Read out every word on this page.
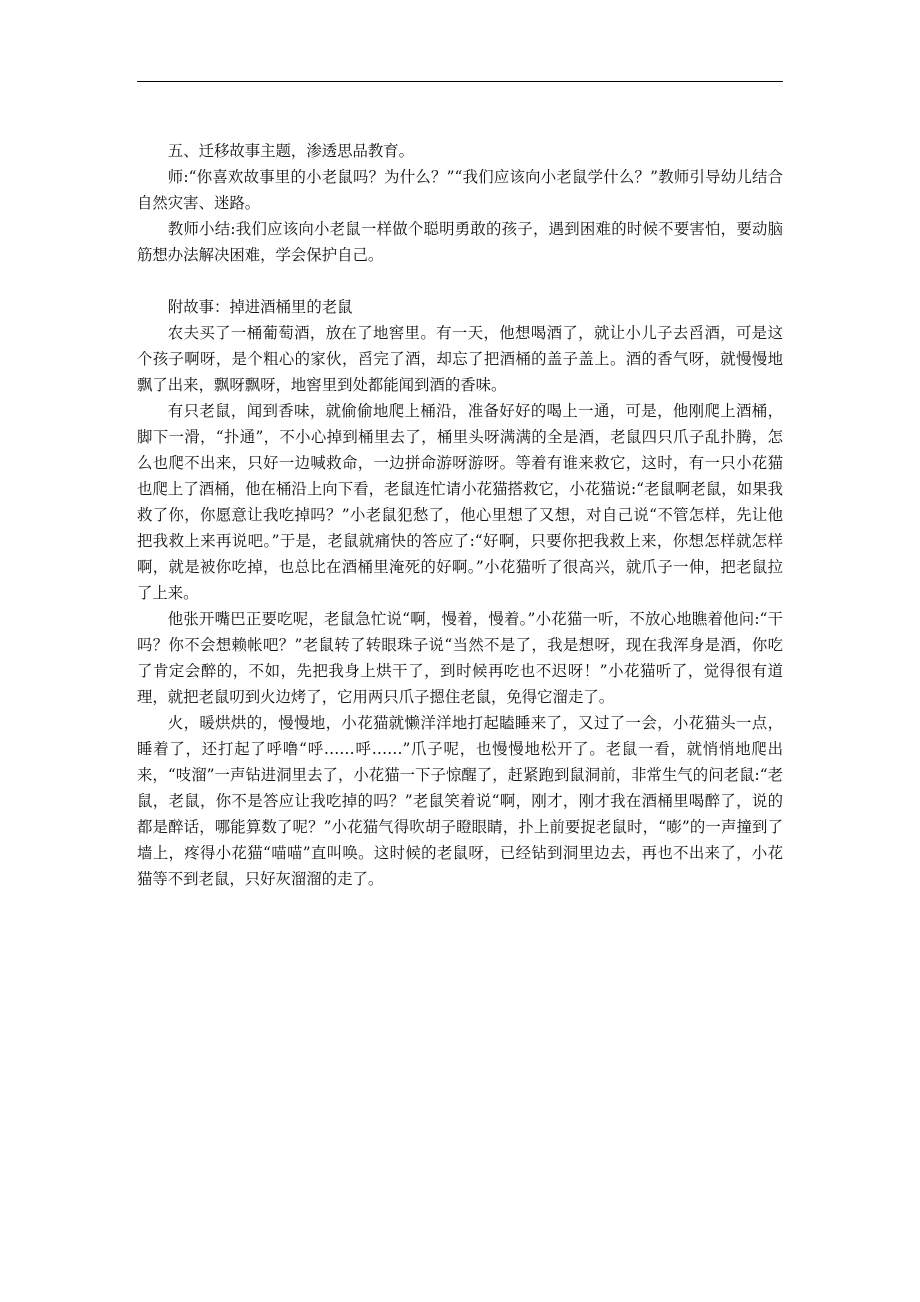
五、迁移故事主题，渗透思品教育。

师:“你喜欢故事里的小老鼠吗？为什么？”“我们应该向小老鼠学什么？”教师引导幼儿结合自然灾害、迷路。

教师小结:我们应该向小老鼠一样做个聪明勇敢的孩子，遇到困难的时候不要害怕，要动脑筋想办法解决困难，学会保护自己。

附故事：掉进酒桶里的老鼠

农夫买了一桶葡萄酒，放在了地窖里。有一天，他想喝酒了，就让小儿子去舀酒，可是这个孩子啊呀，是个粗心的家伙，舀完了酒，却忘了把酒桶的盖子盖上。酒的香气呀，就慢慢地飘了出来，飘呀飘呀，地窖里到处都能闻到酒的香味。

有只老鼠，闻到香味，就偷偷地爬上桶沿，准备好好的喝上一通，可是，他刚爬上酒桶，脚下一滑，“扑通”，不小心掉到桶里去了，桶里头呀满满的全是酒，老鼠四只爪子乱扑腾，怎么也爬不出来，只好一边喊救命，一边拼命游呀游呀。等着有谁来救它，这时，有一只小花猫也爬上了酒桶，他在桶沿上向下看，老鼠连忙请小花猫搭救它，小花猫说:“老鼠啊老鼠，如果我救了你，你愿意让我吃掉吗？”小老鼠犯愁了，他心里想了又想，对自己说“不管怎样，先让他把我救上来再说吧。”于是，老鼠就痛快的答应了:“好啊，只要你把我救上来，你想怎样就怎样啊，就是被你吃掉，也总比在酒桶里淹死的好啊。”小花猫听了很高兴，就爪子一伸，把老鼠拉了上来。

他张开嘴巴正要吃呢，老鼠急忙说“啊，慢着，慢着。”小花猫一听，不放心地瞧着他问:“干吗？你不会想赖帐吧？”老鼠转了转眼珠子说“当然不是了，我是想呀，现在我浑身是酒，你吃了肯定会醉的，不如，先把我身上烘干了，到时候再吃也不迟呀！”小花猫听了，觉得很有道理，就把老鼠叨到火边烤了，它用两只爪子摁住老鼠，免得它溜走了。

火，暖烘烘的，慢慢地，小花猫就懒洋洋地打起瞌睡来了，又过了一会，小花猫头一点，睡着了，还打起了呼噜“呼……呼……”爪子呢，也慢慢地松开了。老鼠一看，就悄悄地爬出来，“吱溜”一声钻进洞里去了，小花猫一下子惊醒了，赶紧跑到鼠洞前，非常生气的问老鼠:“老鼠，老鼠，你不是答应让我吃掉的吗？”老鼠笑着说“啊，刚才，刚才我在酒桶里喝醉了，说的都是醉话，哪能算数了呢？”小花猫气得吹胡子瞪眼睛，扑上前要捉老鼠时，“嘭”的一声撞到了墙上，疼得小花猫“喵喵”直叫唤。这时候的老鼠呀，已经钻到洞里边去，再也不出来了，小花猫等不到老鼠，只好灰溜溜的走了。
